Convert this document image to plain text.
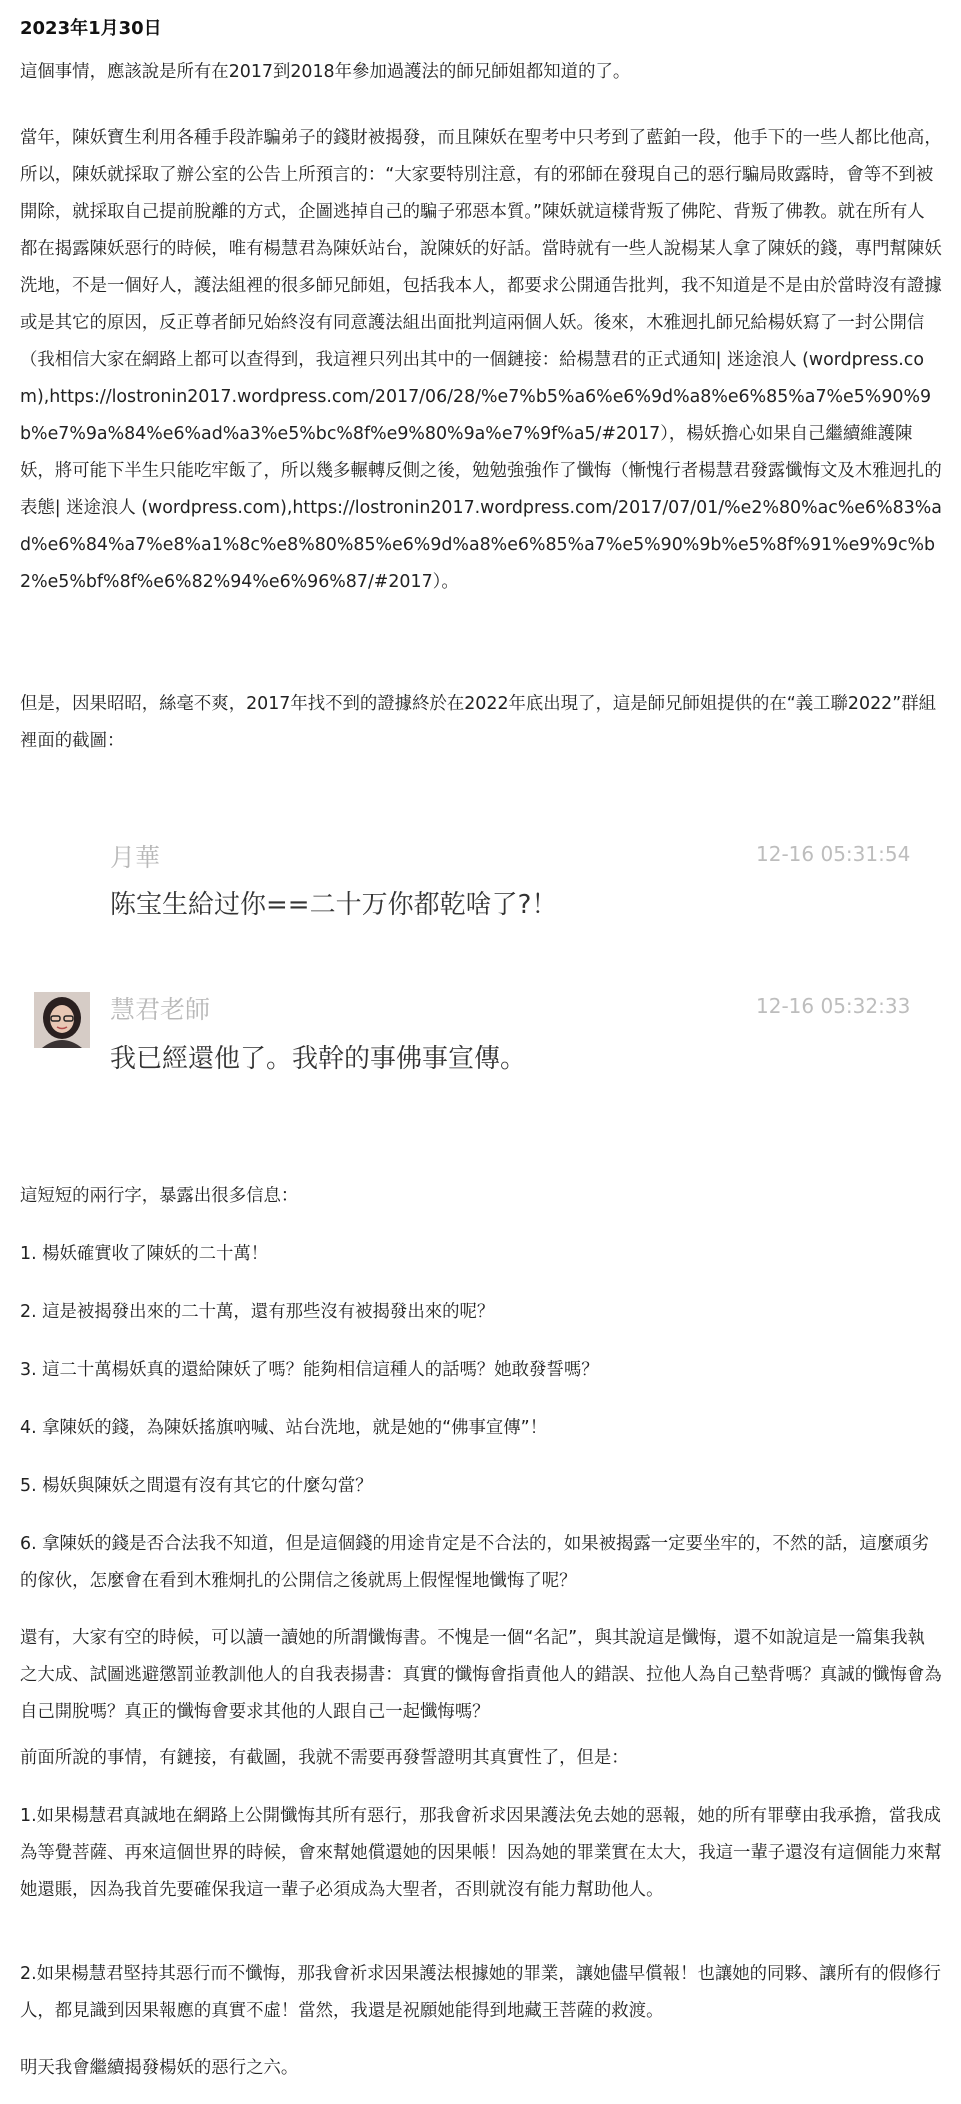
2023年1月30日
這個事情，應該說是所有在2017到2018年參加過護法的師兄師姐都知道的了。
當年，陳妖寶生利用各種手段詐騙弟子的錢財被揭發，而且陳妖在聖考中只考到了藍鉑一段，他手下的一些人都比他高，所以，陳妖就採取了辦公室的公告上所預言的：“大家要特別注意，有的邪師在發現自己的惡行騙局敗露時，會等不到被開除，就採取自己提前脫離的方式，企圖逃掉自己的騙子邪惡本質。”陳妖就這樣背叛了佛陀、背叛了佛教。就在所有人都在揭露陳妖惡行的時候，唯有楊慧君為陳妖站台，說陳妖的好話。當時就有一些人說楊某人拿了陳妖的錢，專門幫陳妖洗地，不是一個好人，護法組裡的很多師兄師姐，包括我本人，都要求公開通告批判，我不知道是不是由於當時沒有證據或是其它的原因，反正尊者師兄始終沒有同意護法組出面批判這兩個人妖。後來，木雅迥扎師兄給楊妖寫了一封公開信（我相信大家在網路上都可以查得到，我這裡只列出其中的一個鏈接：給楊慧君的正式通知| 迷途浪人 (wordpress.com),https://lostronin2017.wordpress.com/2017/06/28/%e7%b5%a6%e6%9d%a8%e6%85%a7%e5%90%9b%e7%9a%84%e6%ad%a3%e5%bc%8f%e9%80%9a%e7%9f%a5/#2017），楊妖擔心如果自己繼續維護陳妖，將可能下半生只能吃牢飯了，所以幾多輾轉反側之後，勉勉強強作了懺悔（慚愧行者楊慧君發露懺悔文及木雅迥扎的表態| 迷途浪人 (wordpress.com),https://lostronin2017.wordpress.com/2017/07/01/%e2%80%ac%e6%83%ad%e6%84%a7%e8%a1%8c%e8%80%85%e6%9d%a8%e6%85%a7%e5%90%9b%e5%8f%91%e9%9c%b2%e5%bf%8f%e6%82%94%e6%96%87/#2017）。
但是，因果昭昭，絲毫不爽，2017年找不到的證據終於在2022年底出現了，這是師兄師姐提供的在“義工聯2022”群組裡面的截圖：
月華	12-16 05:31:54
陈宝生給过你==二十万你都乾啥了?！
慧君老師	12-16 05:32:33
我已經還他了。我幹的事佛事宣傳。
這短短的兩行字，暴露出很多信息：
1. 楊妖確實收了陳妖的二十萬！
2. 這是被揭發出來的二十萬，還有那些沒有被揭發出來的呢？
3. 這二十萬楊妖真的還給陳妖了嗎？能夠相信這種人的話嗎？她敢發誓嗎？
4. 拿陳妖的錢，為陳妖搖旗吶喊、站台洗地，就是她的“佛事宣傳”！
5. 楊妖與陳妖之間還有沒有其它的什麼勾當？
6. 拿陳妖的錢是否合法我不知道，但是這個錢的用途肯定是不合法的，如果被揭露一定要坐牢的，不然的話，這麼頑劣的傢伙，怎麼會在看到木雅炯扎的公開信之後就馬上假惺惺地懺悔了呢？
還有，大家有空的時候，可以讀一讀她的所謂懺悔書。不愧是一個“名記”，與其說這是懺悔，還不如說這是一篇集我執之大成、試圖逃避懲罰並教訓他人的自我表揚書：真實的懺悔會指責他人的錯誤、拉他人為自己墊背嗎？真誠的懺悔會為自己開脫嗎？真正的懺悔會要求其他的人跟自己一起懺悔嗎？
前面所說的事情，有鏈接，有截圖，我就不需要再發誓證明其真實性了，但是：
1.如果楊慧君真誠地在網路上公開懺悔其所有惡行，那我會祈求因果護法免去她的惡報，她的所有罪孽由我承擔，當我成為等覺菩薩、再來這個世界的時候，會來幫她償還她的因果帳！因為她的罪業實在太大，我這一輩子還沒有這個能力來幫她還賬，因為我首先要確保我這一輩子必須成為大聖者，否則就沒有能力幫助他人。
2.如果楊慧君堅持其惡行而不懺悔，那我會祈求因果護法根據她的罪業，讓她儘早償報！也讓她的同夥、讓所有的假修行人，都見識到因果報應的真實不虛！當然，我還是祝願她能得到地藏王菩薩的救渡。
明天我會繼續揭發楊妖的惡行之六。
